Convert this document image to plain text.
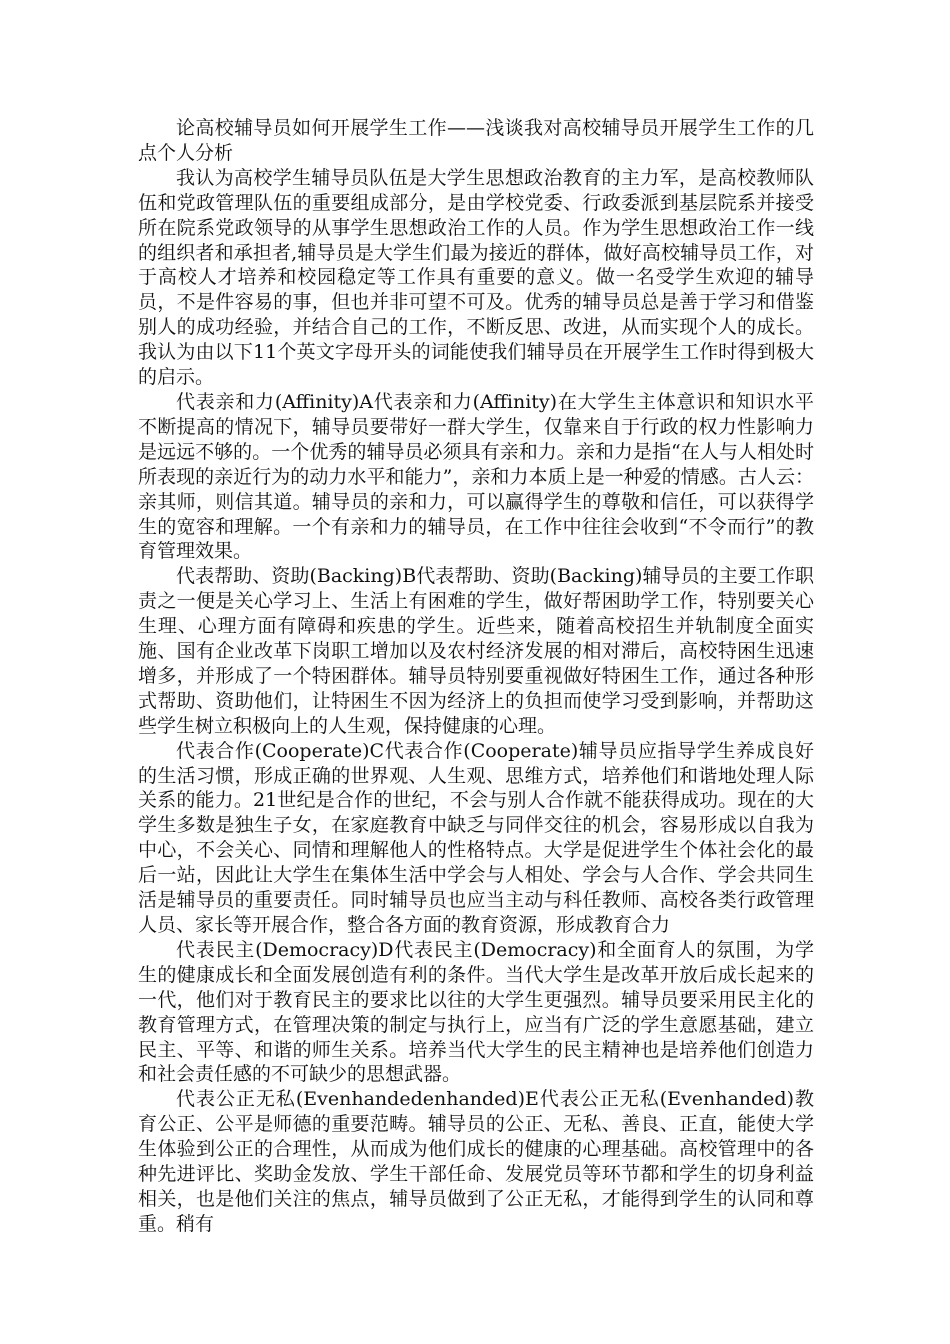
论高校辅导员如何开展学生工作——浅谈我对高校辅导员开展学生工作的几点个人分析

我认为高校学生辅导员队伍是大学生思想政治教育的主力军，是高校教师队伍和党政管理队伍的重要组成部分，是由学校党委、行政委派到基层院系并接受所在院系党政领导的从事学生思想政治工作的人员。作为学生思想政治工作一线的组织者和承担者,辅导员是大学生们最为接近的群体，做好高校辅导员工作，对于高校人才培养和校园稳定等工作具有重要的意义。做一名受学生欢迎的辅导员，不是件容易的事，但也并非可望不可及。优秀的辅导员总是善于学习和借鉴别人的成功经验，并结合自己的工作，不断反思、改进，从而实现个人的成长。我认为由以下11个英文字母开头的词能使我们辅导员在开展学生工作时得到极大的启示。

代表亲和力(Affinity)A代表亲和力(Affinity)在大学生主体意识和知识水平不断提高的情况下，辅导员要带好一群大学生，仅靠来自于行政的权力性影响力是远远不够的。一个优秀的辅导员必须具有亲和力。亲和力是指“在人与人相处时所表现的亲近行为的动力水平和能力”，亲和力本质上是一种爱的情感。古人云：亲其师，则信其道。辅导员的亲和力，可以赢得学生的尊敬和信任，可以获得学生的宽容和理解。一个有亲和力的辅导员，在工作中往往会收到“不令而行”的教育管理效果。

代表帮助、资助(Backing)B代表帮助、资助(Backing)辅导员的主要工作职责之一便是关心学习上、生活上有困难的学生，做好帮困助学工作，特别要关心生理、心理方面有障碍和疾患的学生。近些来，随着高校招生并轨制度全面实施、国有企业改革下岗职工增加以及农村经济发展的相对滞后，高校特困生迅速增多，并形成了一个特困群体。辅导员特别要重视做好特困生工作，通过各种形式帮助、资助他们，让特困生不因为经济上的负担而使学习受到影响，并帮助这些学生树立积极向上的人生观，保持健康的心理。

代表合作(Cooperate)C代表合作(Cooperate)辅导员应指导学生养成良好的生活习惯，形成正确的世界观、人生观、思维方式，培养他们和谐地处理人际关系的能力。21世纪是合作的世纪，不会与别人合作就不能获得成功。现在的大学生多数是独生子女，在家庭教育中缺乏与同伴交往的机会，容易形成以自我为中心，不会关心、同情和理解他人的性格特点。大学是促进学生个体社会化的最后一站，因此让大学生在集体生活中学会与人相处、学会与人合作、学会共同生活是辅导员的重要责任。同时辅导员也应当主动与科任教师、高校各类行政管理人员、家长等开展合作，整合各方面的教育资源，形成教育合力

代表民主(Democracy)D代表民主(Democracy)和全面育人的氛围，为学生的健康成长和全面发展创造有利的条件。当代大学生是改革开放后成长起来的一代，他们对于教育民主的要求比以往的大学生更强烈。辅导员要采用民主化的教育管理方式，在管理决策的制定与执行上，应当有广泛的学生意愿基础，建立民主、平等、和谐的师生关系。培养当代大学生的民主精神也是培养他们创造力和社会责任感的不可缺少的思想武器。

代表公正无私(Evenhandedenhanded)E代表公正无私(Evenhanded)教育公正、公平是师德的重要范畴。辅导员的公正、无私、善良、正直，能使大学生体验到公正的合理性，从而成为他们成长的健康的心理基础。高校管理中的各种先进评比、奖助金发放、学生干部任命、发展党员等环节都和学生的切身利益相关，也是他们关注的焦点，辅导员做到了公正无私，才能得到学生的认同和尊重。稍有
